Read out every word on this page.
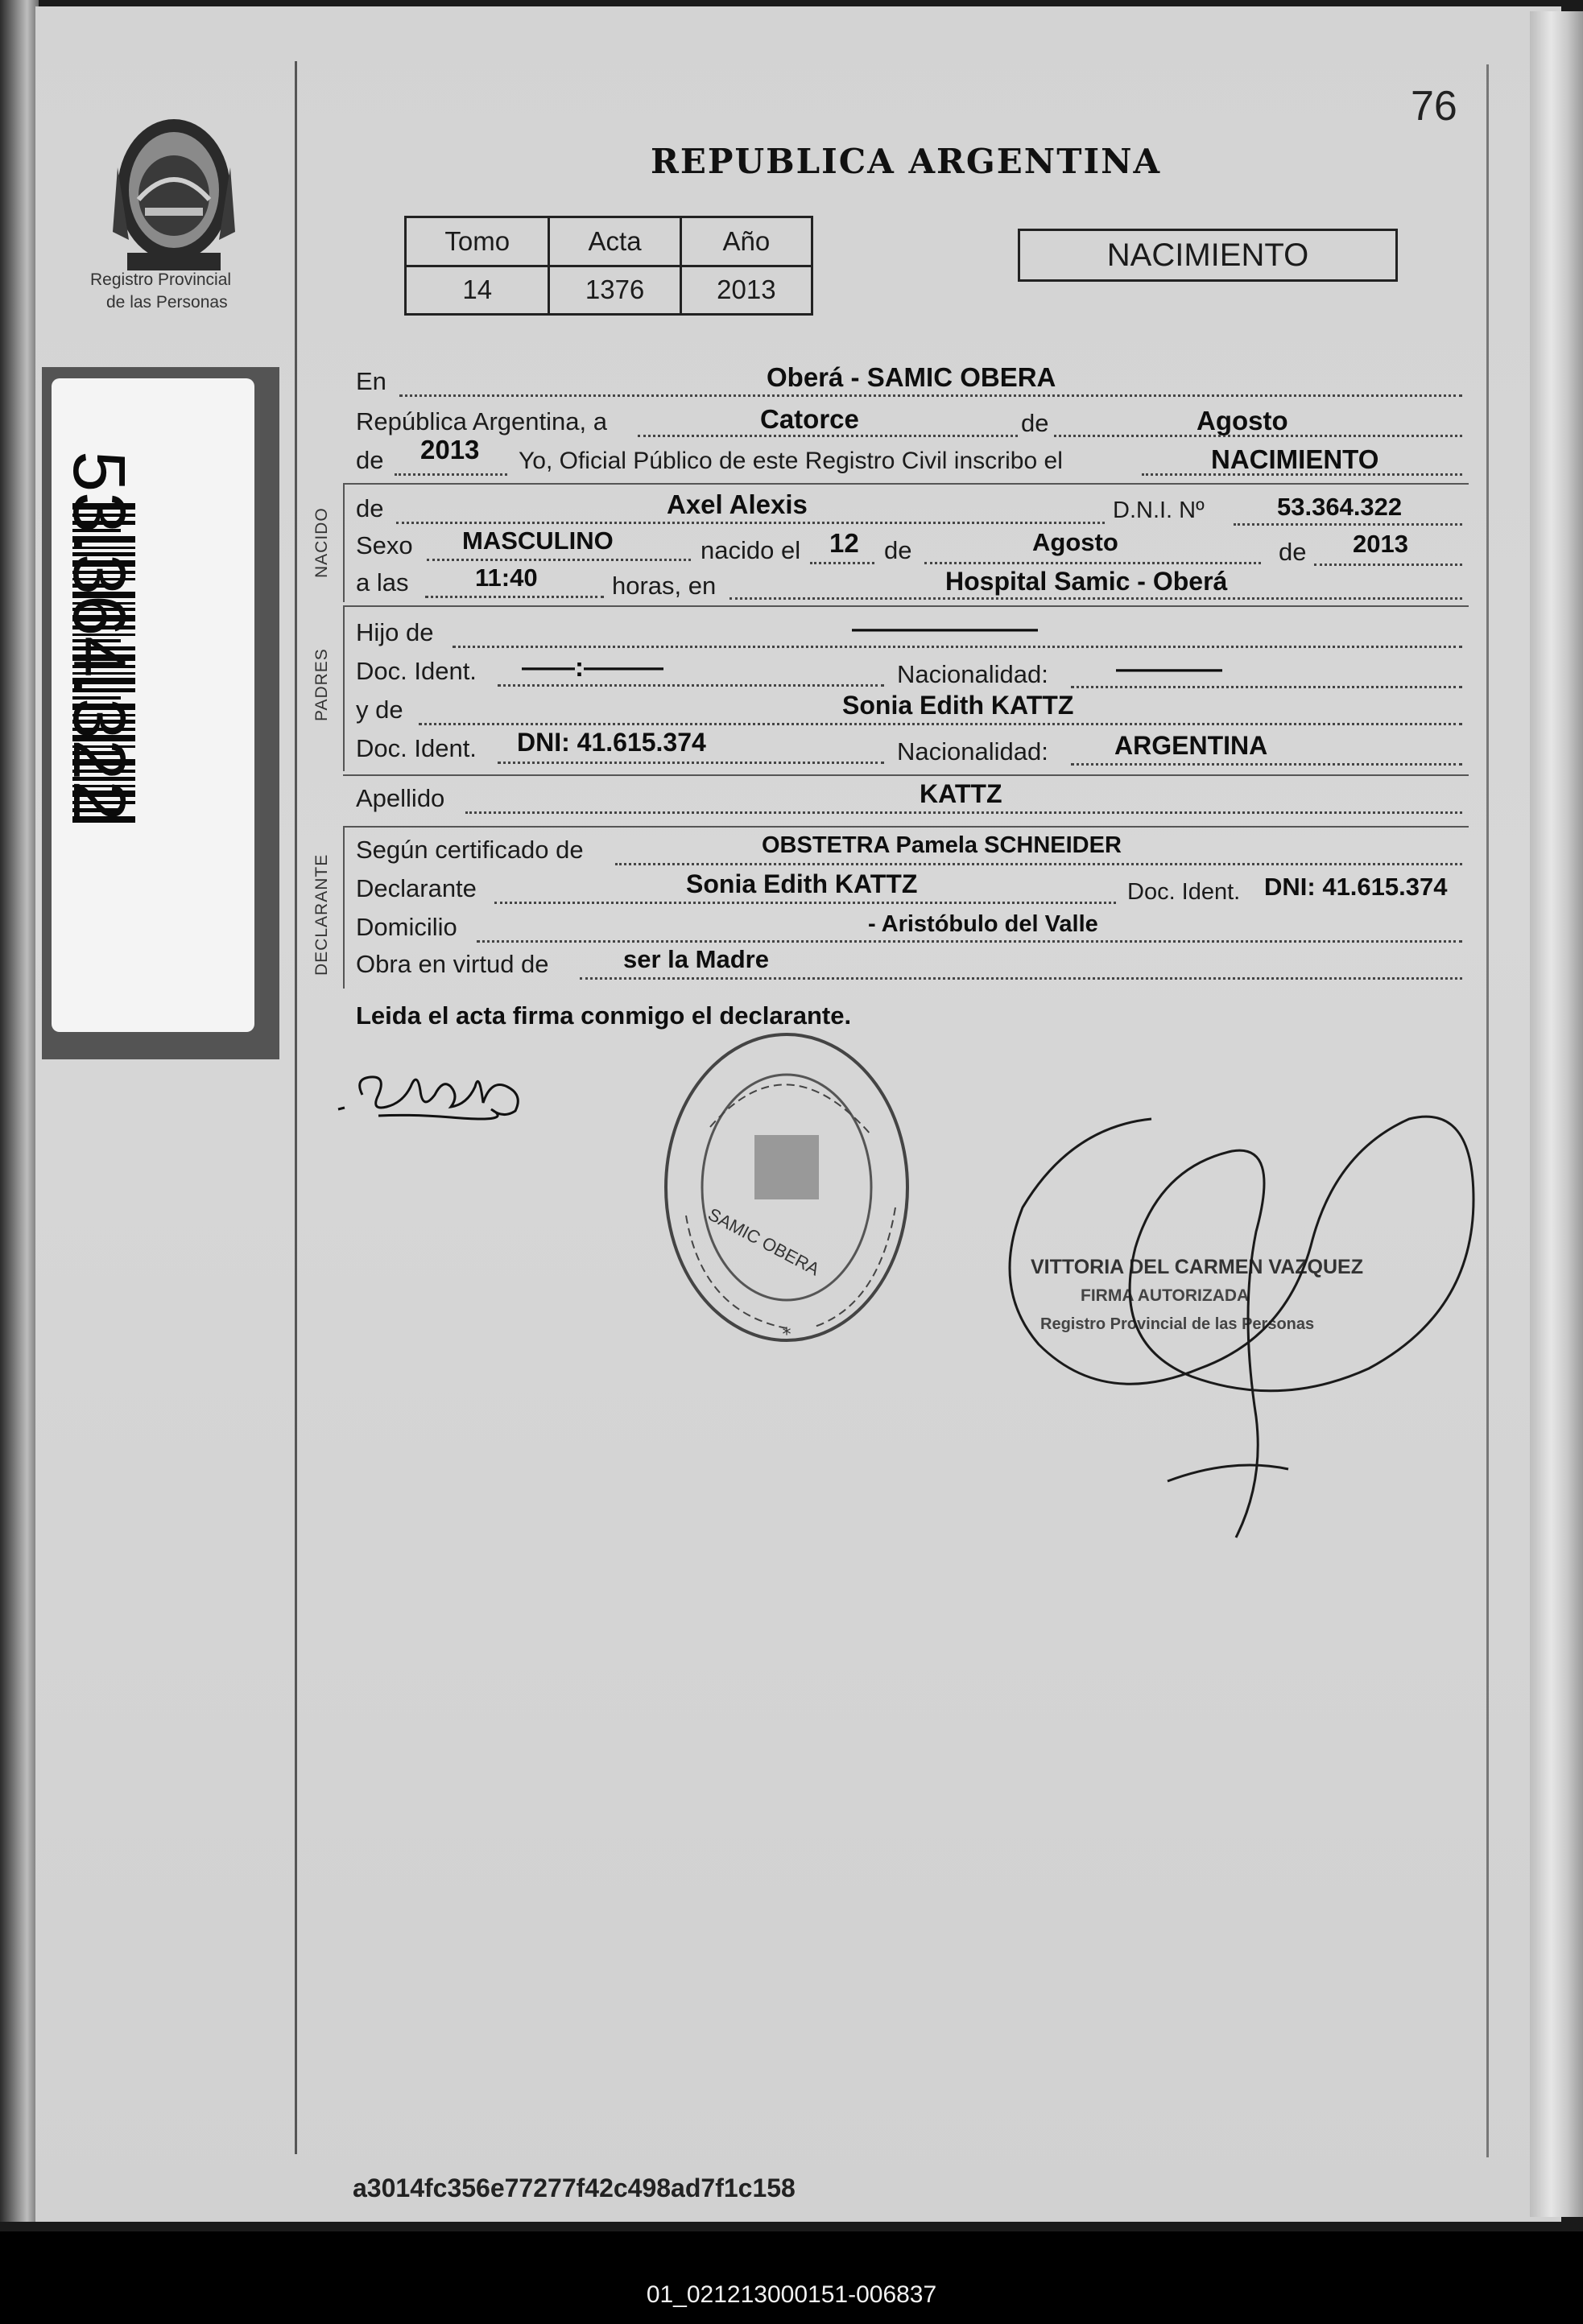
76
REPUBLICA ARGENTINA
Registro Provincial
de las Personas
53.364.322
Tomo	Acta	Año
14	1376	2013
NACIMIENTO
En	Oberá - SAMIC OBERA
República Argentina, a	Catorce	de	Agosto
de 2013 Yo, Oficial Público de este Registro Civil inscribo el	NACIMIENTO
NACIDO de	Axel Alexis	D.N.I. Nº	53.364.322
Sexo MASCULINO	nacido el 12 de	Agosto	de 2013
a las	11:40	horas, en	Hospital Samic - Oberá
PADRES
Hijo de	———————
Doc. Ident. ——:———	Nacionalidad:	————
y de	Sonia Edith KATTZ
Doc. Ident. DNI: 41.615.374	Nacionalidad:	ARGENTINA
Apellido	KATTZ
DECLARANTE
Según certificado de	OBSTETRA Pamela SCHNEIDER
Declarante	Sonia Edith KATTZ	Doc. Ident. DNI: 41.615.374
Domicilio	- Aristóbulo del Valle
Obra en virtud de	ser la Madre
Leida el acta firma conmigo el declarante.
*
SAMIC OBERA	VITTORIA DEL CARMEN VAZQUEZ
FIRMA AUTORIZADA
Registro Provincial de las Personas
a3014fc356e77277f42c498ad7f1c158
01_021213000151-006837
